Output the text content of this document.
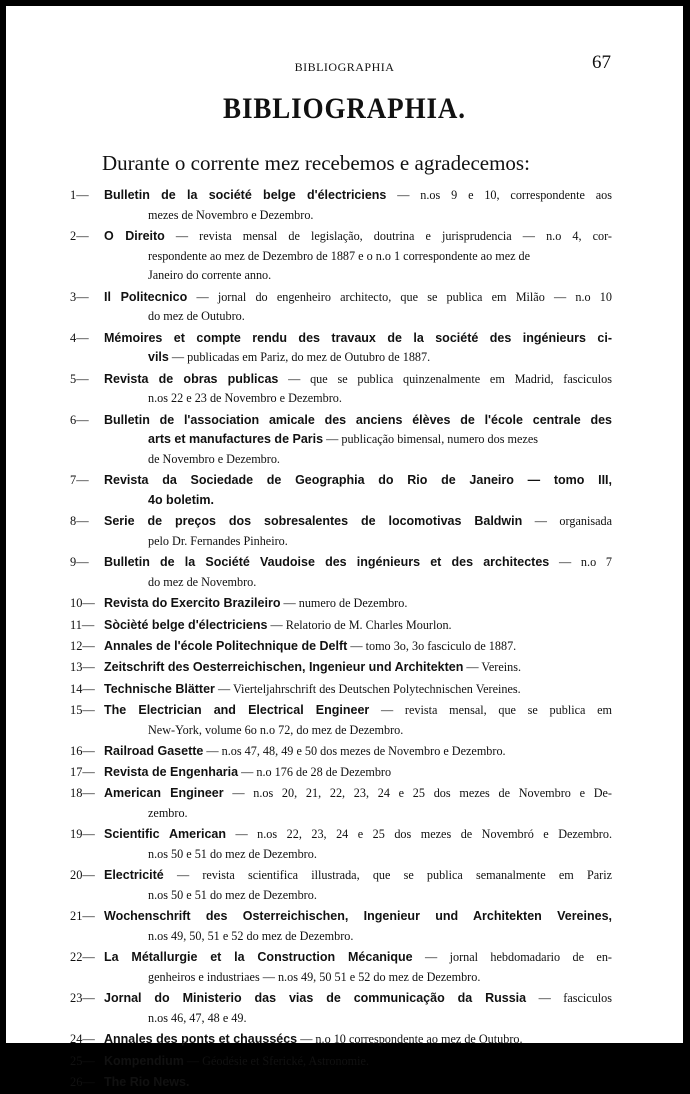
BIBLIOGRAPHIA	67
BIBLIOGRAPHIA.
Durante o corrente mez recebemos e agradecemos:
1— Bulletin de la société belge d'électriciens — n.os 9 e 10, correspondente aos
mezes de Novembro e Dezembro.
2— O Direito — revista mensal de legislação, doutrina e jurisprudencia — n.o 4, cor-
respondente ao mez de Dezembro de 1887 e o n.o 1 correspondente ao mez de
Janeiro do corrente anno.
3— Il Politecnico — jornal do engenheiro architecto, que se publica em Milão — n.o 10
do mez de Outubro.
4— Mémoires et compte rendu des travaux de la société des ingénieurs ci-
vils — publicadas em Pariz, do mez de Outubro de 1887.
5— Revista de obras publicas — que se publica quinzenalmente em Madrid, fasciculos
n.os 22 e 23 de Novembro e Dezembro.
6— Bulletin de l'association amicale des anciens élèves de l'école centrale des
arts et manufactures de Paris — publicação bimensal, numero dos mezes
de Novembro e Dezembro.
7— Revista da Sociedade de Geographia do Rio de Janeiro — tomo III,
4o boletim.
8— Serie de preços dos sobresalentes de locomotivas Baldwin — organisada
pelo Dr. Fernandes Pinheiro.
9— Bulletin de la Société Vaudoise des ingénieurs et des architectes — n.o 7
do mez de Novembro.
10— Revista do Exercito Brazileiro — numero de Dezembro.
11— Sòcièté belge d'électriciens — Relatorio de M. Charles Mourlon.
12— Annales de l'école Politechnique de Delft — tomo 3o, 3o fasciculo de 1887.
13— Zeitschrift des Oesterreichischen, Ingenieur und Architekten — Vereins.
14— Technische Blätter — Vierteljahrschrift des Deutschen Polytechnischen Vereines.
15— The Electrician and Electrical Engineer — revista mensal, que se publica em
New-York, volume 6o n.o 72, do mez de Dezembro.
16— Railroad Gasette — n.os 47, 48, 49 e 50 dos mezes de Novembro e Dezembro.
17— Revista de Engenharia — n.o 176 de 28 de Dezembro
18— American Engineer — n.os 20, 21, 22, 23, 24 e 25 dos mezes de Novembro e De-
zembro.
19— Scientific American — n.os 22, 23, 24 e 25 dos mezes de Novembró e Dezembro.
n.os 50 e 51 do mez de Dezembro.
20— Electricité — revista scientifica illustrada, que se publica semanalmente em Pariz
n.os 50 e 51 do mez de Dezembro.
21— Wochenschrift des Osterreichischen, Ingenieur und Architekten Vereines,
n.os 49, 50, 51 e 52 do mez de Dezembro.
22— La Métallurgie et la Construction Mécanique — jornal hebdomadario de en-
genheiros e industriaes — n.os 49, 50 51 e 52 do mez de Dezembro.
23— Jornal do Ministerio das vias de communicação da Russia — fasciculos
n.os 46, 47, 48 e 49.
24— Annales des ponts et chaussécs — n.o 10 correspondente ao mez de Outubro.
25— Kompendium — Géodésie et Sferické, Astronomie.
26— The Rio News.
